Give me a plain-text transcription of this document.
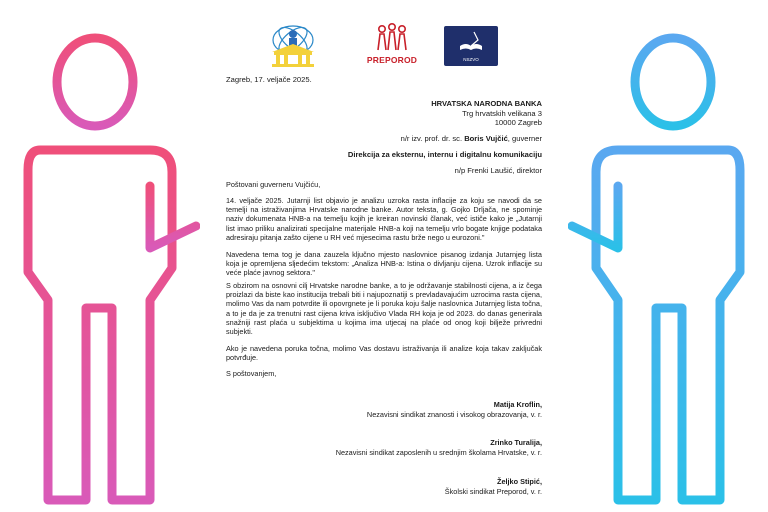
PREPOROD	NSZVO
Zagreb, 17. veljače 2025.
HRVATSKA NARODNA BANKA
Trg hrvatskih velikana 3
10000 Zagreb
n/r izv. prof. dr. sc. Boris Vujčić, guverner
Direkcija za eksternu, internu i digitalnu komunikaciju
n/p Frenki Laušić, direktor
Poštovani guverneru Vujčiću,
14. veljače 2025. Jutarnji list objavio je analizu uzroka rasta inflacije za koju se navodi da se temelji na istraživanjima Hrvatske narodne banke. Autor teksta, g. Gojko Drljača, ne spominje naziv dokumenata HNB-a na temelju kojih je kreiran novinski članak, već ističe kako je „Jutarnji list imao priliku analizirati specijalne materijale HNB-a koji na temelju vrlo bogate knjige podataka adresiraju pitanja zašto cijene u RH već mjesecima rastu brže nego u eurozoni."
Navedena tema tog je dana zauzela ključno mjesto naslovnice pisanog izdanja Jutarnjeg lista koja je opremljena sljedećim tekstom: „Analiza HNB-a: Istina o divljanju cijena. Uzrok inflacije su veće plaće javnog sektora."
S obzirom na osnovni cilj Hrvatske narodne banke, a to je održavanje stabilnosti cijena, a iz čega proizlazi da biste kao institucija trebali biti i najupoznatiji s prevladavajućim uzrocima rasta cijena, molimo Vas da nam potvrdite ili opovrgnete je li poruka koju šalje naslovnica Jutarnjeg lista točna, a to je da je za trenutni rast cijena kriva isključivo Vlada RH koja je od 2023. do danas generirala snažniji rast plaća u subjektima u kojima ima utjecaj na plaće od onog koji bilježe privredni subjekti.
Ako je navedena poruka točna, molimo Vas dostavu istraživanja ili analize koja takav zaključak potvrđuje.
S poštovanjem,
Matija Kroflin,
Nezavisni sindikat znanosti i visokog obrazovanja, v. r.
Zrinko Turalija,
Nezavisni sindikat zaposlenih u srednjim školama Hrvatske, v. r.
Željko Stipić,
Školski sindikat Preporod, v. r.
